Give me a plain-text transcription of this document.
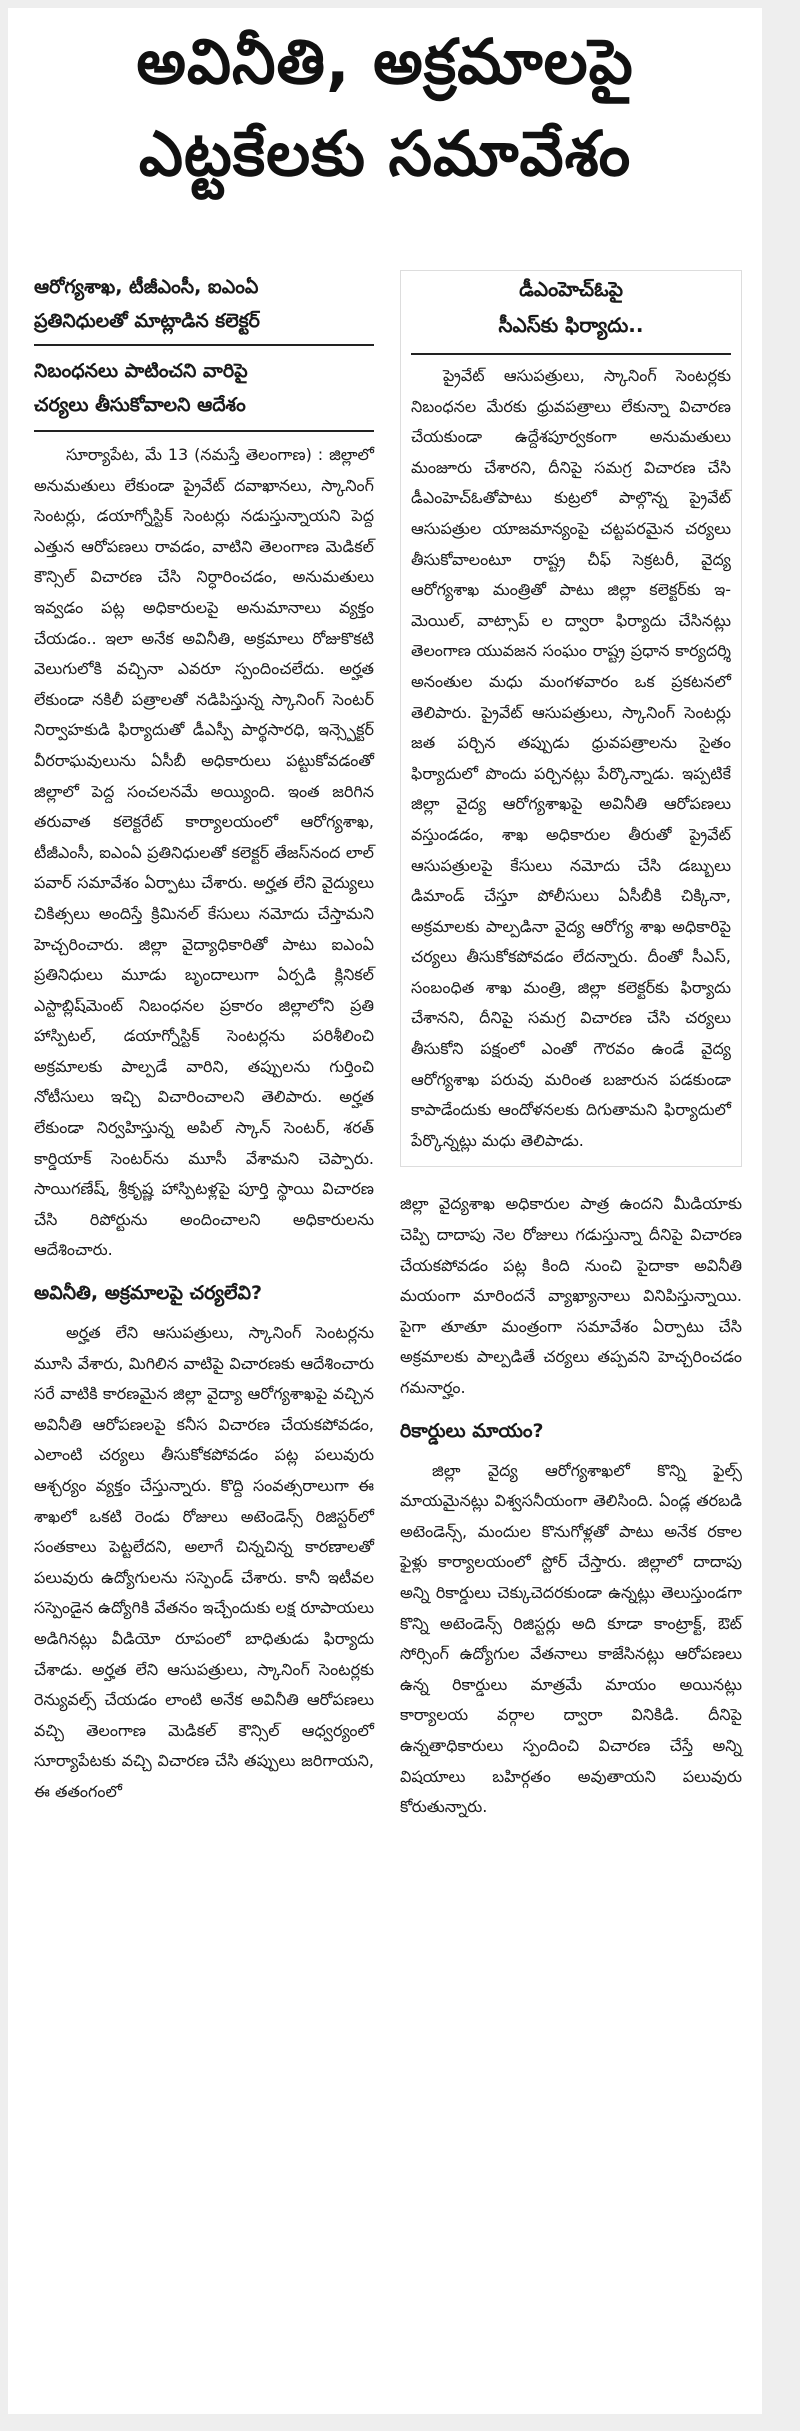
అవినీతి, అక్రమాలపై
ఎట్టకేలకు సమావేశం
ఆరోగ్యశాఖ, టీజీఎంసీ, ఐఎంఏ
ప్రతినిధులతో మాట్లాడిన కలెక్టర్
నిబంధనలు పాటించని వారిపై
చర్యలు తీసుకోవాలని ఆదేశం

సూర్యాపేట, మే 13 (నమస్తే తెలంగాణ) : జిల్లాలో అనుమతులు లేకుండా ప్రైవేట్ దవాఖానలు, స్కానింగ్ సెంటర్లు, డయాగ్నోస్టిక్ సెంటర్లు నడుస్తున్నాయని పెద్ద ఎత్తున ఆరోపణలు రావడం, వాటిని తెలంగాణ మెడికల్ కౌన్సిల్ విచారణ చేసి నిర్ధారించడం, అనుమతులు ఇవ్వడం పట్ల అధికారులపై అనుమానాలు వ్యక్తం చేయడం.. ఇలా అనేక అవినీతి, అక్రమాలు రోజుకొకటి వెలుగులోకి వచ్చినా ఎవరూ స్పందించలేదు. అర్హత లేకుండా నకిలీ పత్రాలతో నడిపిస్తున్న స్కానింగ్ సెంటర్ నిర్వాహకుడి ఫిర్యాదుతో డీఎస్పీ పార్థసారధి, ఇన్స్పెక్టర్ వీరరాఘవులును ఏసీబీ అధికారులు పట్టుకోవడంతో జిల్లాలో పెద్ద సంచలనమే అయ్యింది. ఇంత జరిగిన తరువాత కలెక్టరేట్ కార్యాలయంలో ఆరోగ్యశాఖ, టీజీఎంసీ, ఐఎంఏ ప్రతినిధులతో కలెక్టర్ తేజస్‌నంద లాల్ పవార్ సమావేశం ఏర్పాటు చేశారు. అర్హత లేని వైద్యులు చికిత్సలు అందిస్తే క్రిమినల్ కేసులు నమోదు చేస్తామని హెచ్చరించారు. జిల్లా వైద్యాధికారితో పాటు ఐఎంఏ ప్రతినిధులు మూడు బృందాలుగా ఏర్పడి క్లినికల్ ఎస్టాబ్లిష్‌మెంట్ నిబంధనల ప్రకారం జిల్లాలోని ప్రతి హాస్పిటల్, డయాగ్నోస్టిక్ సెంటర్లను పరిశీలించి అక్రమాలకు పాల్పడే వారిని, తప్పులను గుర్తించి నోటీసులు ఇచ్చి విచారించాలని తెలిపారు. అర్హత లేకుండా నిర్వహిస్తున్న అపిల్ స్కాన్ సెంటర్, శరత్ కార్డియాక్ సెంటర్‌ను మూసీ వేశామని చెప్పారు. సాయిగణేష్, శ్రీకృష్ణ హాస్పిటళ్లపై పూర్తి స్థాయి విచారణ చేసి రిపోర్టును అందించాలని అధికారులను ఆదేశించారు.

అవినీతి, అక్రమాలపై చర్యలేవి?

అర్హత లేని ఆసుపత్రులు, స్కానింగ్ సెంటర్లను మూసి వేశారు, మిగిలిన వాటిపై విచారణకు ఆదేశించారు సరే వాటికి కారణమైన జిల్లా వైద్యా ఆరోగ్యశాఖపై వచ్చిన అవినీతి ఆరోపణలపై కనీస విచారణ చేయకపోవడం, ఎలాంటి చర్యలు తీసుకోకపోవడం పట్ల పలువురు ఆశ్చర్యం వ్యక్తం చేస్తున్నారు. కొద్ది సంవత్సరాలుగా ఈ శాఖలో ఒకటి రెండు రోజులు అటెండెన్స్ రిజిస్టర్‌లో సంతకాలు పెట్టలేదని, అలాగే చిన్నచిన్న కారణాలతో పలువురు ఉద్యోగులను సస్పెండ్ చేశారు. కానీ ఇటీవల సస్పెండైన ఉద్యోగికి వేతనం ఇచ్చేందుకు లక్ష రూపాయలు అడిగినట్లు వీడియో రూపంలో బాధితుడు ఫిర్యాదు చేశాడు. అర్హత లేని ఆసుపత్రులు, స్కానింగ్ సెంటర్లకు రెన్యువల్స్ చేయడం లాంటి అనేక అవినీతి ఆరోపణలు వచ్చి తెలంగాణ మెడికల్ కౌన్సిల్ ఆధ్వర్యంలో సూర్యాపేటకు వచ్చి విచారణ చేసి తప్పులు జరిగాయని, ఈ తతంగంలో

డీఎంహెచ్ఓపై
సీఎస్‌కు ఫిర్యాదు..

ప్రైవేట్ ఆసుపత్రులు, స్కానింగ్ సెంటర్లకు నిబంధనల మేరకు ధ్రువపత్రాలు లేకున్నా విచారణ చేయకుండా ఉద్దేశపూర్వకంగా అనుమతులు మంజూరు చేశారని, దీనిపై సమగ్ర విచారణ చేసి డీఎంహెచ్ఓతోపాటు కుట్రలో పాల్గొన్న ప్రైవేట్ ఆసుపత్రుల యాజమాన్యంపై చట్టపరమైన చర్యలు తీసుకోవాలంటూ రాష్ట్ర చీఫ్ సెక్రటరీ, వైద్య ఆరోగ్యశాఖ మంత్రితో పాటు జిల్లా కలెక్టర్‌కు ఇ-మెయిల్, వాట్సాప్ ల ద్వారా ఫిర్యాదు చేసినట్లు తెలంగాణ యువజన సంఘం రాష్ట్ర ప్రధాన కార్యదర్శి అనంతుల మధు మంగళవారం ఒక ప్రకటనలో తెలిపారు. ప్రైవేట్ ఆసుపత్రులు, స్కానింగ్ సెంటర్లు జత పర్చిన తప్పుడు ధ్రువపత్రాలను సైతం ఫిర్యాదులో పొందు పర్చినట్లు పేర్కొన్నాడు. ఇప్పటికే జిల్లా వైద్య ఆరోగ్యశాఖపై అవినీతి ఆరోపణలు వస్తుండడం, శాఖ అధికారుల తీరుతో ప్రైవేట్ ఆసుపత్రులపై కేసులు నమోదు చేసి డబ్బులు డిమాండ్ చేస్తూ పోలీసులు ఏసీబీకి చిక్కినా, అక్రమాలకు పాల్పడినా వైద్య ఆరోగ్య శాఖ అధికారిపై చర్యలు తీసుకోకపోవడం లేదన్నారు. దీంతో సీఎస్, సంబంధిత శాఖ మంత్రి, జిల్లా కలెక్టర్‌కు ఫిర్యాదు చేశానని, దీనిపై సమగ్ర విచారణ చేసి చర్యలు తీసుకోని పక్షంలో ఎంతో గౌరవం ఉండే వైద్య ఆరోగ్యశాఖ పరువు మరింత బజారున పడకుండా కాపాడేందుకు ఆందోళనలకు దిగుతామని ఫిర్యాదులో పేర్కొన్నట్లు మధు తెలిపాడు.

జిల్లా వైద్యశాఖ అధికారుల పాత్ర ఉందని మీడియాకు చెప్పి దాదాపు నెల రోజులు గడుస్తున్నా దీనిపై విచారణ చేయకపోవడం పట్ల కింది నుంచి పైదాకా అవినీతి మయంగా మారిందనే వ్యాఖ్యానాలు వినిపిస్తున్నాయి. పైగా తూతూ మంత్రంగా సమావేశం ఏర్పాటు చేసి అక్రమాలకు పాల్పడితే చర్యలు తప్పవని హెచ్చరించడం గమనార్హం.

రికార్డులు మాయం?

జిల్లా వైద్య ఆరోగ్యశాఖలో కొన్ని ఫైల్స్ మాయమైనట్లు విశ్వసనీయంగా తెలిసింది. ఏండ్ల తరబడి అటెండెన్స్, మందుల కొనుగోళ్లతో పాటు అనేక రకాల ఫైళ్లు కార్యాలయంలో స్టోర్ చేస్తారు. జిల్లాలో దాదాపు అన్ని రికార్డులు చెక్కుచెదరకుండా ఉన్నట్లు తెలుస్తుండగా కొన్ని అటెండెన్స్ రిజిస్టర్లు అది కూడా కాంట్రాక్ట్, ఔట్ సోర్సింగ్ ఉద్యోగుల వేతనాలు కాజేసినట్లు ఆరోపణలు ఉన్న రికార్డులు మాత్రమే మాయం అయినట్లు కార్యాలయ వర్గాల ద్వారా వినికిడి. దీనిపై ఉన్నతాధికారులు స్పందించి విచారణ చేస్తే అన్ని విషయాలు బహిర్గతం అవుతాయని పలువురు కోరుతున్నారు.
